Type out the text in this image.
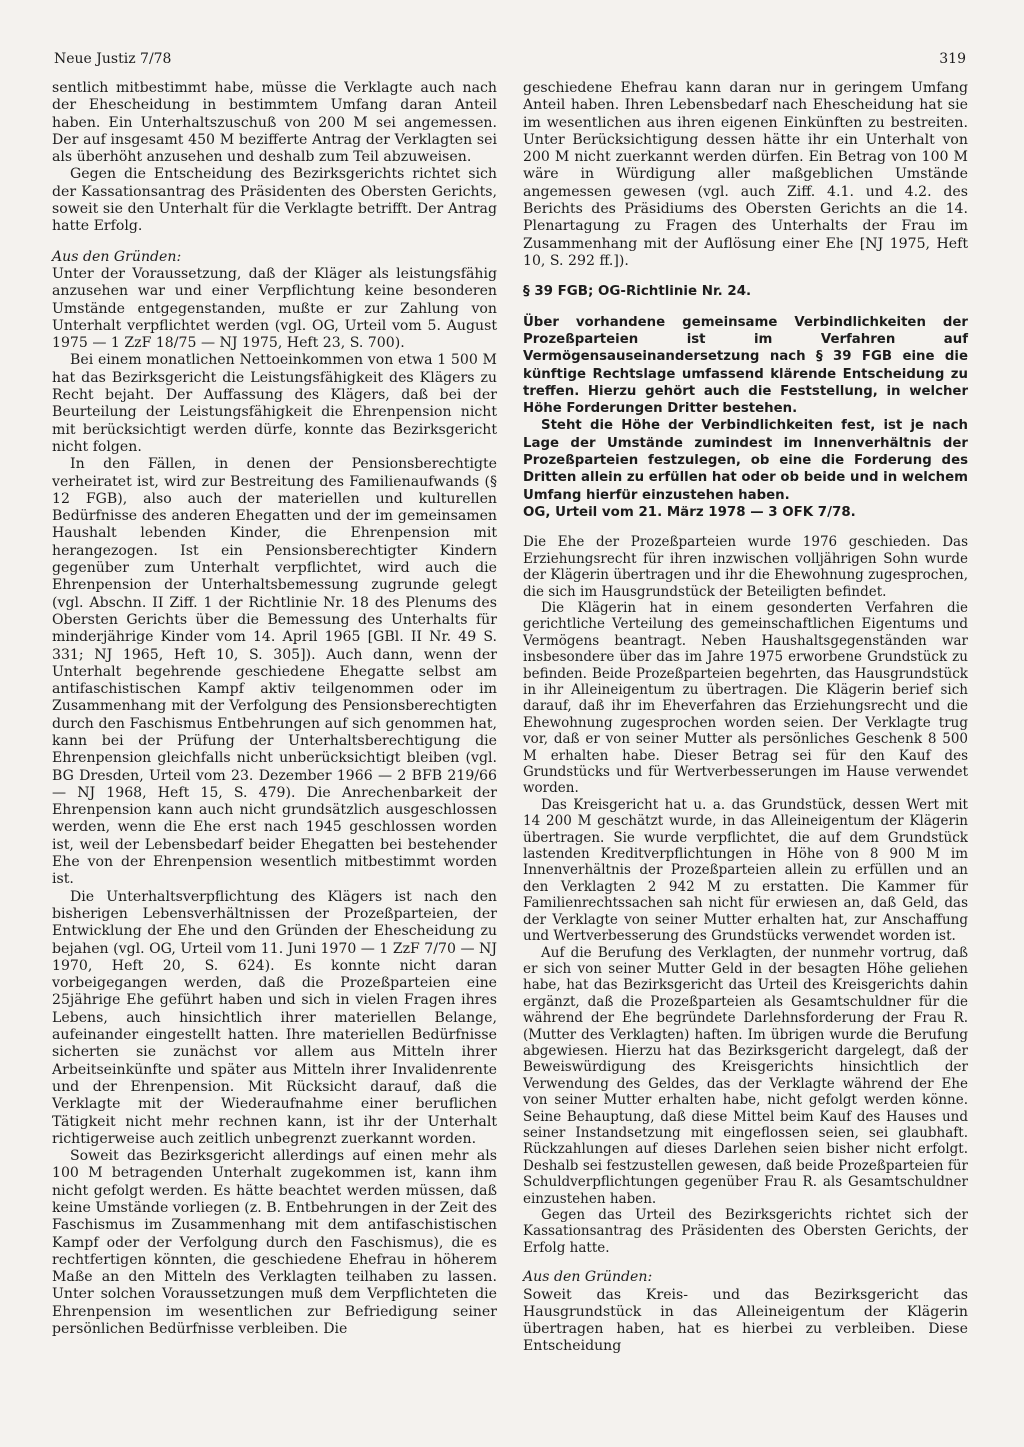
Neue Justiz 7/78	319

sentlich mitbestimmt habe, müsse die Verklagte auch nach der Ehescheidung in bestimmtem Umfang daran Anteil haben. Ein Unterhaltszuschuß von 200 M sei angemessen. Der auf insgesamt 450 M bezifferte Antrag der Verklagten sei als überhöht anzusehen und deshalb zum Teil abzuweisen.

Gegen die Entscheidung des Bezirksgerichts richtet sich der Kassationsantrag des Präsidenten des Obersten Gerichts, soweit sie den Unterhalt für die Verklagte betrifft. Der Antrag hatte Erfolg.

Aus den Gründen:

Unter der Voraussetzung, daß der Kläger als leistungsfähig anzusehen war und einer Verpflichtung keine besonderen Umstände entgegenstanden, mußte er zur Zahlung von Unterhalt verpflichtet werden (vgl. OG, Urteil vom 5. August 1975 — 1 ZzF 18/75 — NJ 1975, Heft 23, S. 700).

Bei einem monatlichen Nettoeinkommen von etwa 1 500 M hat das Bezirksgericht die Leistungsfähigkeit des Klägers zu Recht bejaht. Der Auffassung des Klägers, daß bei der Beurteilung der Leistungsfähigkeit die Ehrenpension nicht mit berücksichtigt werden dürfe, konnte das Bezirksgericht nicht folgen.

In den Fällen, in denen der Pensionsberechtigte verheiratet ist, wird zur Bestreitung des Familienaufwands (§ 12 FGB), also auch der materiellen und kulturellen Bedürfnisse des anderen Ehegatten und der im gemeinsamen Haushalt lebenden Kinder, die Ehrenpension mit herangezogen. Ist ein Pensionsberechtigter Kindern gegenüber zum Unterhalt verpflichtet, wird auch die Ehrenpension der Unterhaltsbemessung zugrunde gelegt (vgl. Abschn. II Ziff. 1 der Richtlinie Nr. 18 des Plenums des Obersten Gerichts über die Bemessung des Unterhalts für minderjährige Kinder vom 14. April 1965 [GBl. II Nr. 49 S. 331; NJ 1965, Heft 10, S. 305]). Auch dann, wenn der Unterhalt begehrende geschiedene Ehegatte selbst am antifaschistischen Kampf aktiv teilgenommen oder im Zusammenhang mit der Verfolgung des Pensionsberechtigten durch den Faschismus Entbehrungen auf sich genommen hat, kann bei der Prüfung der Unterhaltsberechtigung die Ehrenpension gleichfalls nicht unberücksichtigt bleiben (vgl. BG Dresden, Urteil vom 23. Dezember 1966 — 2 BFB 219/66 — NJ 1968, Heft 15, S. 479). Die Anrechenbarkeit der Ehrenpension kann auch nicht grundsätzlich ausgeschlossen werden, wenn die Ehe erst nach 1945 geschlossen worden ist, weil der Lebensbedarf beider Ehegatten bei bestehender Ehe von der Ehrenpension wesentlich mitbestimmt worden ist.

Die Unterhaltsverpflichtung des Klägers ist nach den bisherigen Lebensverhältnissen der Prozeßparteien, der Entwicklung der Ehe und den Gründen der Ehescheidung zu bejahen (vgl. OG, Urteil vom 11. Juni 1970 — 1 ZzF 7/70 — NJ 1970, Heft 20, S. 624). Es konnte nicht daran vorbeigegangen werden, daß die Prozeßparteien eine 25jährige Ehe geführt haben und sich in vielen Fragen ihres Lebens, auch hinsichtlich ihrer materiellen Belange, aufeinander eingestellt hatten. Ihre materiellen Bedürfnisse sicherten sie zunächst vor allem aus Mitteln ihrer Arbeitseinkünfte und später aus Mitteln ihrer Invalidenrente und der Ehrenpension. Mit Rücksicht darauf, daß die Verklagte mit der Wiederaufnahme einer beruflichen Tätigkeit nicht mehr rechnen kann, ist ihr der Unterhalt richtigerweise auch zeitlich unbegrenzt zuerkannt worden.

Soweit das Bezirksgericht allerdings auf einen mehr als 100 M betragenden Unterhalt zugekommen ist, kann ihm nicht gefolgt werden. Es hätte beachtet werden müssen, daß keine Umstände vorliegen (z. B. Entbehrungen in der Zeit des Faschismus im Zusammenhang mit dem antifaschistischen Kampf oder der Verfolgung durch den Faschismus), die es rechtfertigen könnten, die geschiedene Ehefrau in höherem Maße an den Mitteln des Verklagten teilhaben zu lassen. Unter solchen Voraussetzungen muß dem Verpflichteten die Ehrenpension im wesentlichen zur Befriedigung seiner persönlichen Bedürfnisse verbleiben. Die

geschiedene Ehefrau kann daran nur in geringem Umfang Anteil haben. Ihren Lebensbedarf nach Ehescheidung hat sie im wesentlichen aus ihren eigenen Einkünften zu bestreiten. Unter Berücksichtigung dessen hätte ihr ein Unterhalt von 200 M nicht zuerkannt werden dürfen. Ein Betrag von 100 M wäre in Würdigung aller maßgeblichen Umstände angemessen gewesen (vgl. auch Ziff. 4.1. und 4.2. des Berichts des Präsidiums des Obersten Gerichts an die 14. Plenartagung zu Fragen des Unterhalts der Frau im Zusammenhang mit der Auflösung einer Ehe [NJ 1975, Heft 10, S. 292 ff.]).

§ 39 FGB; OG-Richtlinie Nr. 24.

Über vorhandene gemeinsame Verbindlichkeiten der Prozeßparteien ist im Verfahren auf Vermögensauseinandersetzung nach § 39 FGB eine die künftige Rechtslage umfassend klärende Entscheidung zu treffen. Hierzu gehört auch die Feststellung, in welcher Höhe Forderungen Dritter bestehen.

Steht die Höhe der Verbindlichkeiten fest, ist je nach Lage der Umstände zumindest im Innenverhältnis der Prozeßparteien festzulegen, ob eine die Forderung des Dritten allein zu erfüllen hat oder ob beide und in welchem Umfang hierfür einzustehen haben.

OG, Urteil vom 21. März 1978 — 3 OFK 7/78.

Die Ehe der Prozeßparteien wurde 1976 geschieden. Das Erziehungsrecht für ihren inzwischen volljährigen Sohn wurde der Klägerin übertragen und ihr die Ehewohnung zugesprochen, die sich im Hausgrundstück der Beteiligten befindet.

Die Klägerin hat in einem gesonderten Verfahren die gerichtliche Verteilung des gemeinschaftlichen Eigentums und Vermögens beantragt. Neben Haushaltsgegenständen war insbesondere über das im Jahre 1975 erworbene Grundstück zu befinden. Beide Prozeßparteien begehrten, das Hausgrundstück in ihr Alleineigentum zu übertragen. Die Klägerin berief sich darauf, daß ihr im Eheverfahren das Erziehungsrecht und die Ehewohnung zugesprochen worden seien. Der Verklagte trug vor, daß er von seiner Mutter als persönliches Geschenk 8 500 M erhalten habe. Dieser Betrag sei für den Kauf des Grundstücks und für Wertverbesserungen im Hause verwendet worden.

Das Kreisgericht hat u. a. das Grundstück, dessen Wert mit 14 200 M geschätzt wurde, in das Alleineigentum der Klägerin übertragen. Sie wurde verpflichtet, die auf dem Grundstück lastenden Kreditverpflichtungen in Höhe von 8 900 M im Innenverhältnis der Prozeßparteien allein zu erfüllen und an den Verklagten 2 942 M zu erstatten. Die Kammer für Familienrechtssachen sah nicht für erwiesen an, daß Geld, das der Verklagte von seiner Mutter erhalten hat, zur Anschaffung und Wertverbesserung des Grundstücks verwendet worden ist.

Auf die Berufung des Verklagten, der nunmehr vortrug, daß er sich von seiner Mutter Geld in der besagten Höhe geliehen habe, hat das Bezirksgericht das Urteil des Kreisgerichts dahin ergänzt, daß die Prozeßparteien als Gesamtschuldner für die während der Ehe begründete Darlehnsforderung der Frau R. (Mutter des Verklagten) haften. Im übrigen wurde die Berufung abgewiesen. Hierzu hat das Bezirksgericht dargelegt, daß der Beweiswürdigung des Kreisgerichts hinsichtlich der Verwendung des Geldes, das der Verklagte während der Ehe von seiner Mutter erhalten habe, nicht gefolgt werden könne. Seine Behauptung, daß diese Mittel beim Kauf des Hauses und seiner Instandsetzung mit eingeflossen seien, sei glaubhaft. Rückzahlungen auf dieses Darlehen seien bisher nicht erfolgt. Deshalb sei festzustellen gewesen, daß beide Prozeßparteien für Schuldverpflichtungen gegenüber Frau R. als Gesamtschuldner einzustehen haben.

Gegen das Urteil des Bezirksgerichts richtet sich der Kassationsantrag des Präsidenten des Obersten Gerichts, der Erfolg hatte.

Aus den Gründen:

Soweit das Kreis- und das Bezirksgericht das Hausgrundstück in das Alleineigentum der Klägerin übertragen haben, hat es hierbei zu verbleiben. Diese Entscheidung
